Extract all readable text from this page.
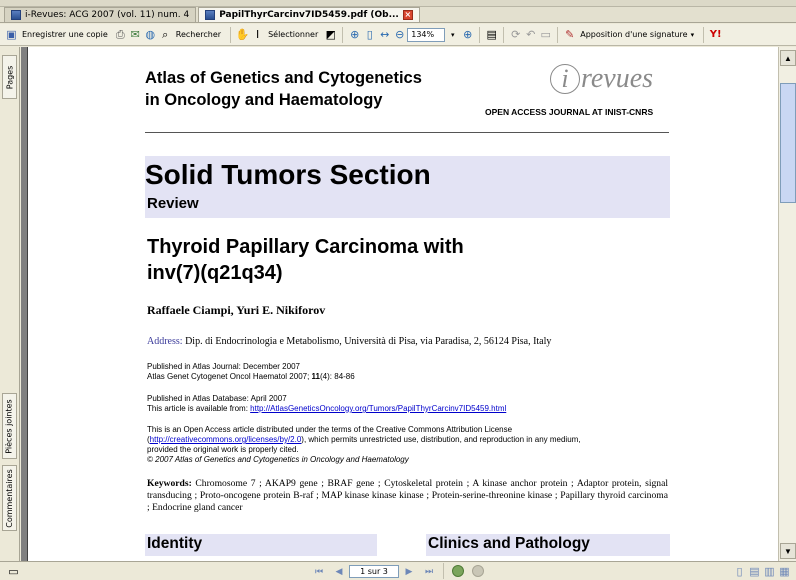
i-Revues: ACG 2007 (vol. 11) num. 4	PapilThyrCarcinv7ID5459.pdf (Ob... ×
▣ Enregistrer une copie ⎙ ✉ ◍ ⌕ Rechercher ✋ Ⅰ	Sélectionner ◩ ⊕ ▯ ↔ ⊖ 134%	▾ ⊕ ▤ ⟳ ↶ ▭ ✎ Apposition d'une signature ▾ Y!
Pages
Pièces jointes
Commentaires
Atlas of Genetics and Cytogenetics
in Oncology and Haematology
i revues
OPEN ACCESS JOURNAL AT INIST-CNRS
Solid Tumors Section
Review
Thyroid Papillary Carcinoma with
inv(7)(q21q34)
Raffaele Ciampi, Yuri E. Nikiforov
Address: Dip. di Endocrinologia e Metabolismo, Università di Pisa, via Paradisa, 2, 56124 Pisa, Italy
Published in Atlas Journal: December 2007
Atlas Genet Cytogenet Oncol Haematol 2007; 11(4): 84-86
Published in Atlas Database: April 2007
This article is available from: http://AtlasGeneticsOncology.org/Tumors/PapilThyrCarcinv7ID5459.html
This is an Open Access article distributed under the terms of the Creative Commons Attribution License
(http://creativecommons.org/licenses/by/2.0), which permits unrestricted use, distribution, and reproduction in any medium,
provided the original work is properly cited.
© 2007 Atlas of Genetics and Cytogenetics in Oncology and Haematology
Keywords: Chromosome 7 ; AKAP9 gene ; BRAF gene ; Cytoskeletal protein ; A kinase anchor protein ; Adaptor protein, signal transducing ; Proto-oncogene protein B-raf ; MAP kinase kinase kinase ; Protein-serine-threonine kinase ; Papillary thyroid carcinoma ; Endocrine gland cancer
Identity	Clinics and Pathology
▲
▼
▭	⏮	◀	1 sur 3	▶	⏭	▯ ▤ ▥ ▦
